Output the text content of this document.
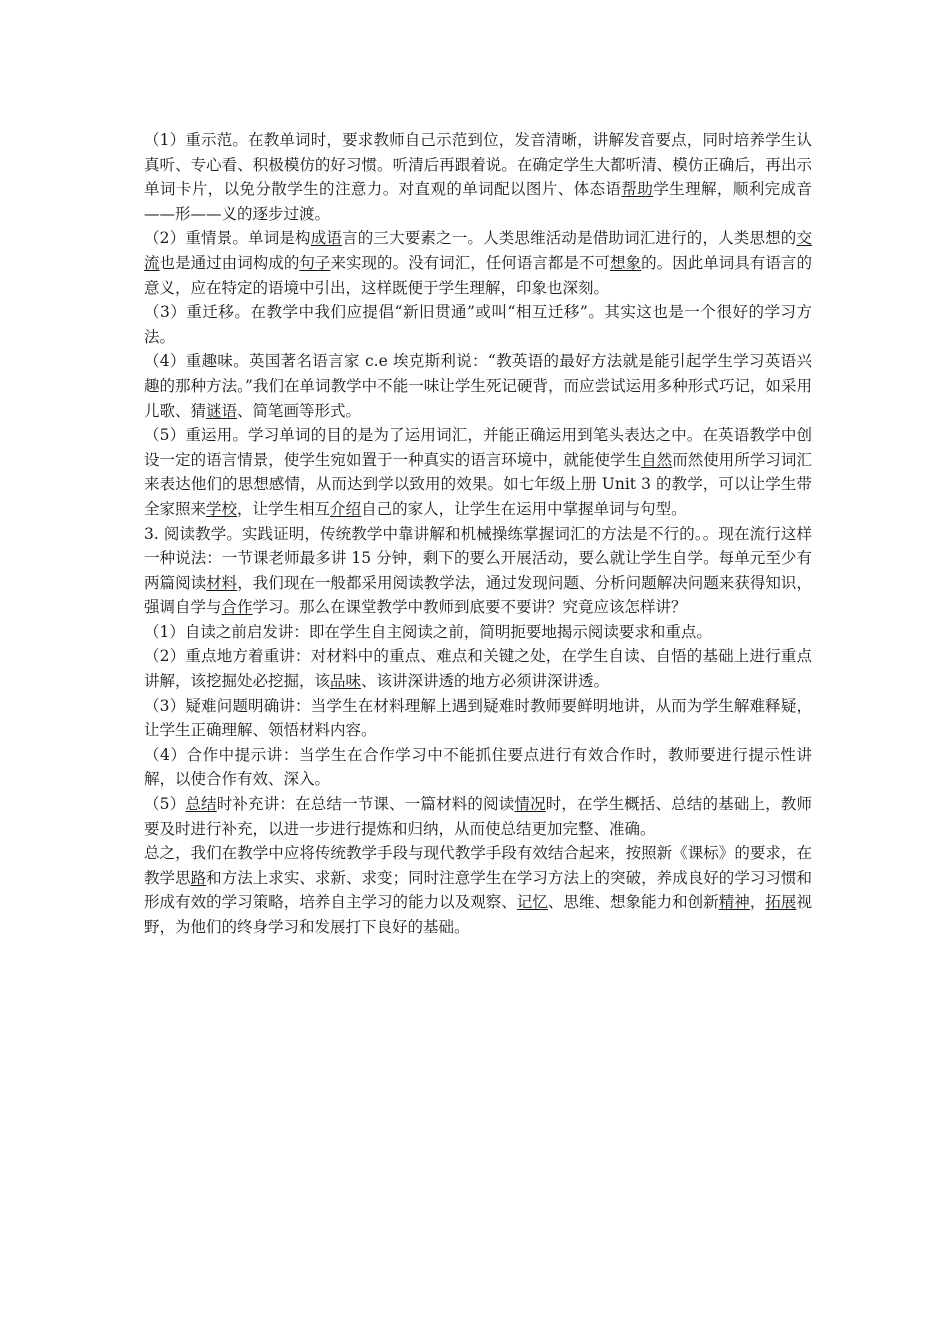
（1）重示范。在教单词时，要求教师自己示范到位，发音清晰，讲解发音要点，同时培养学生认真听、专心看、积极模仿的好习惯。听清后再跟着说。在确定学生大都听清、模仿正确后，再出示单词卡片，以免分散学生的注意力。对直观的单词配以图片、体态语帮助学生理解，顺利完成音——形——义的逐步过渡。

（2）重情景。单词是构成语言的三大要素之一。人类思维活动是借助词汇进行的，人类思想的交流也是通过由词构成的句子来实现的。没有词汇，任何语言都是不可想象的。因此单词具有语言的意义，应在特定的语境中引出，这样既便于学生理解，印象也深刻。

（3）重迁移。在教学中我们应提倡“新旧贯通”或叫“相互迁移”。其实这也是一个很好的学习方法。

（4）重趣味。英国著名语言家 c.e 埃克斯利说：“教英语的最好方法就是能引起学生学习英语兴趣的那种方法。”我们在单词教学中不能一味让学生死记硬背，而应尝试运用多种形式巧记，如采用儿歌、猜谜语、简笔画等形式。

（5）重运用。学习单词的目的是为了运用词汇，并能正确运用到笔头表达之中。在英语教学中创设一定的语言情景，使学生宛如置于一种真实的语言环境中，就能使学生自然而然使用所学习词汇来表达他们的思想感情，从而达到学以致用的效果。如七年级上册 Unit 3 的教学，可以让学生带全家照来学校，让学生相互介绍自己的家人，让学生在运用中掌握单词与句型。

3. 阅读教学。实践证明，传统教学中靠讲解和机械操练掌握词汇的方法是不行的。。现在流行这样一种说法：一节课老师最多讲 15 分钟，剩下的要么开展活动，要么就让学生自学。每单元至少有两篇阅读材料，我们现在一般都采用阅读教学法，通过发现问题、分析问题解决问题来获得知识，强调自学与合作学习。那么在课堂教学中教师到底要不要讲？究竟应该怎样讲？

（1）自读之前启发讲：即在学生自主阅读之前，简明扼要地揭示阅读要求和重点。

（2）重点地方着重讲：对材料中的重点、难点和关键之处，在学生自读、自悟的基础上进行重点讲解，该挖掘处必挖掘，该品味、该讲深讲透的地方必须讲深讲透。

（3）疑难问题明确讲：当学生在材料理解上遇到疑难时教师要鲜明地讲，从而为学生解难释疑，让学生正确理解、领悟材料内容。

（4）合作中提示讲：当学生在合作学习中不能抓住要点进行有效合作时，教师要进行提示性讲解，以使合作有效、深入。

（5）总结时补充讲：在总结一节课、一篇材料的阅读情况时，在学生概括、总结的基础上，教师要及时进行补充，以进一步进行提炼和归纳，从而使总结更加完整、准确。

总之，我们在教学中应将传统教学手段与现代教学手段有效结合起来，按照新《课标》的要求，在教学思路和方法上求实、求新、求变；同时注意学生在学习方法上的突破，养成良好的学习习惯和形成有效的学习策略，培养自主学习的能力以及观察、记忆、思维、想象能力和创新精神，拓展视野，为他们的终身学习和发展打下良好的基础。
